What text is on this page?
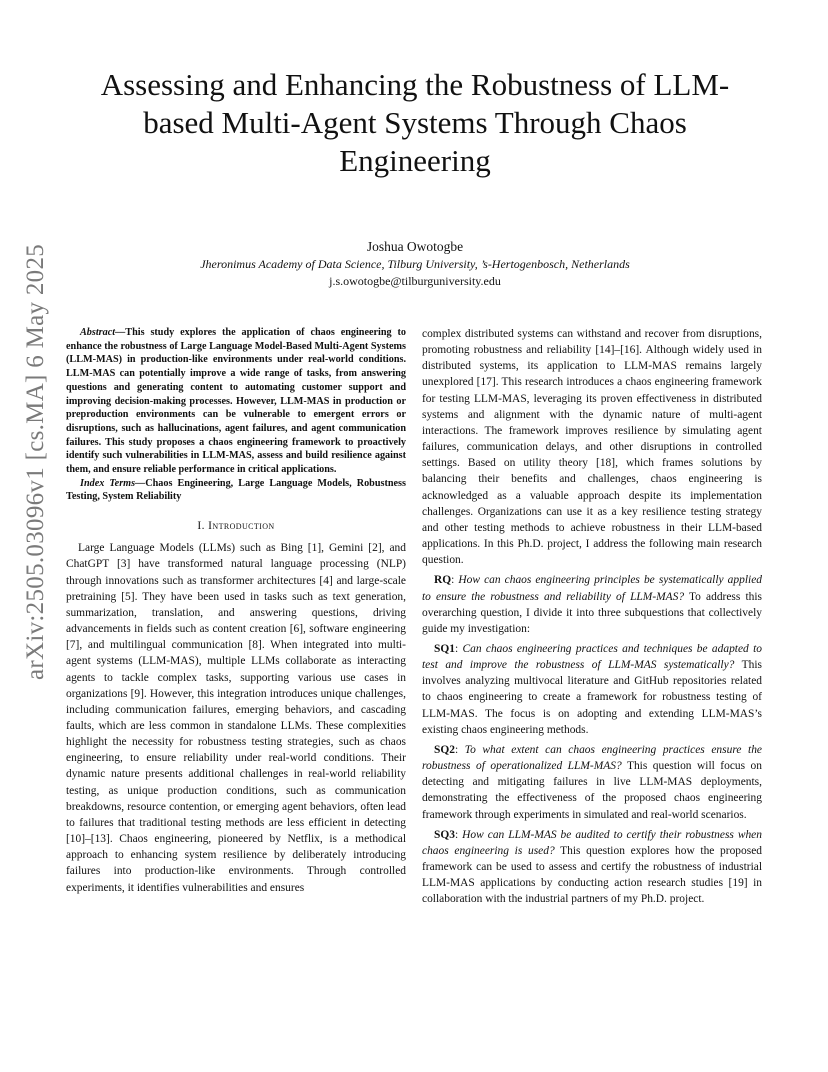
arXiv:2505.03096v1 [cs.MA] 6 May 2025
Assessing and Enhancing the Robustness of LLM-based Multi-Agent Systems Through Chaos Engineering
Joshua Owotogbe
Jheronimus Academy of Data Science, Tilburg University, ’s-Hertogenbosch, Netherlands
j.s.owotogbe@tilburguniversity.edu

Abstract—This study explores the application of chaos engineering to enhance the robustness of Large Language Model-Based Multi-Agent Systems (LLM-MAS) in production-like environments under real-world conditions. LLM-MAS can potentially improve a wide range of tasks, from answering questions and generating content to automating customer support and improving decision-making processes. However, LLM-MAS in production or preproduction environments can be vulnerable to emergent errors or disruptions, such as hallucinations, agent failures, and agent communication failures. This study proposes a chaos engineering framework to proactively identify such vulnerabilities in LLM-MAS, assess and build resilience against them, and ensure reliable performance in critical applications.

Index Terms—Chaos Engineering, Large Language Models, Robustness Testing, System Reliability

I. Introduction

Large Language Models (LLMs) such as Bing [1], Gemini [2], and ChatGPT [3] have transformed natural language processing (NLP) through innovations such as transformer architectures [4] and large-scale pretraining [5]. They have been used in tasks such as text generation, summarization, translation, and answering questions, driving advancements in fields such as content creation [6], software engineering [7], and multilingual communication [8]. When integrated into multi-agent systems (LLM-MAS), multiple LLMs collaborate as interacting agents to tackle complex tasks, supporting various use cases in organizations [9]. However, this integration introduces unique challenges, including communication failures, emerging behaviors, and cascading faults, which are less common in standalone LLMs. These complexities highlight the necessity for robustness testing strategies, such as chaos engineering, to ensure reliability under real-world conditions. Their dynamic nature presents additional challenges in real-world reliability testing, as unique production conditions, such as communication breakdowns, resource contention, or emerging agent behaviors, often lead to failures that traditional testing methods are less efficient in detecting [10]–[13]. Chaos engineering, pioneered by Netflix, is a methodical approach to enhancing system resilience by deliberately introducing failures into production-like environments. Through controlled experiments, it identifies vulnerabilities and ensures

complex distributed systems can withstand and recover from disruptions, promoting robustness and reliability [14]–[16]. Although widely used in distributed systems, its application to LLM-MAS remains largely unexplored [17]. This research introduces a chaos engineering framework for testing LLM-MAS, leveraging its proven effectiveness in distributed systems and alignment with the dynamic nature of multi-agent interactions. The framework improves resilience by simulating agent failures, communication delays, and other disruptions in controlled settings. Based on utility theory [18], which frames solutions by balancing their benefits and challenges, chaos engineering is acknowledged as a valuable approach despite its implementation challenges. Organizations can use it as a key resilience testing strategy and other testing methods to achieve robustness in their LLM-based applications. In this Ph.D. project, I address the following main research question.

RQ: How can chaos engineering principles be systematically applied to ensure the robustness and reliability of LLM-MAS? To address this overarching question, I divide it into three subquestions that collectively guide my investigation:

SQ1: Can chaos engineering practices and techniques be adapted to test and improve the robustness of LLM-MAS systematically? This involves analyzing multivocal literature and GitHub repositories related to chaos engineering to create a framework for robustness testing of LLM-MAS. The focus is on adopting and extending LLM-MAS’s existing chaos engineering methods.

SQ2: To what extent can chaos engineering practices ensure the robustness of operationalized LLM-MAS? This question will focus on detecting and mitigating failures in live LLM-MAS deployments, demonstrating the effectiveness of the proposed chaos engineering framework through experiments in simulated and real-world scenarios.

SQ3: How can LLM-MAS be audited to certify their robustness when chaos engineering is used? This question explores how the proposed framework can be used to assess and certify the robustness of industrial LLM-MAS applications by conducting action research studies [19] in collaboration with the industrial partners of my Ph.D. project.
